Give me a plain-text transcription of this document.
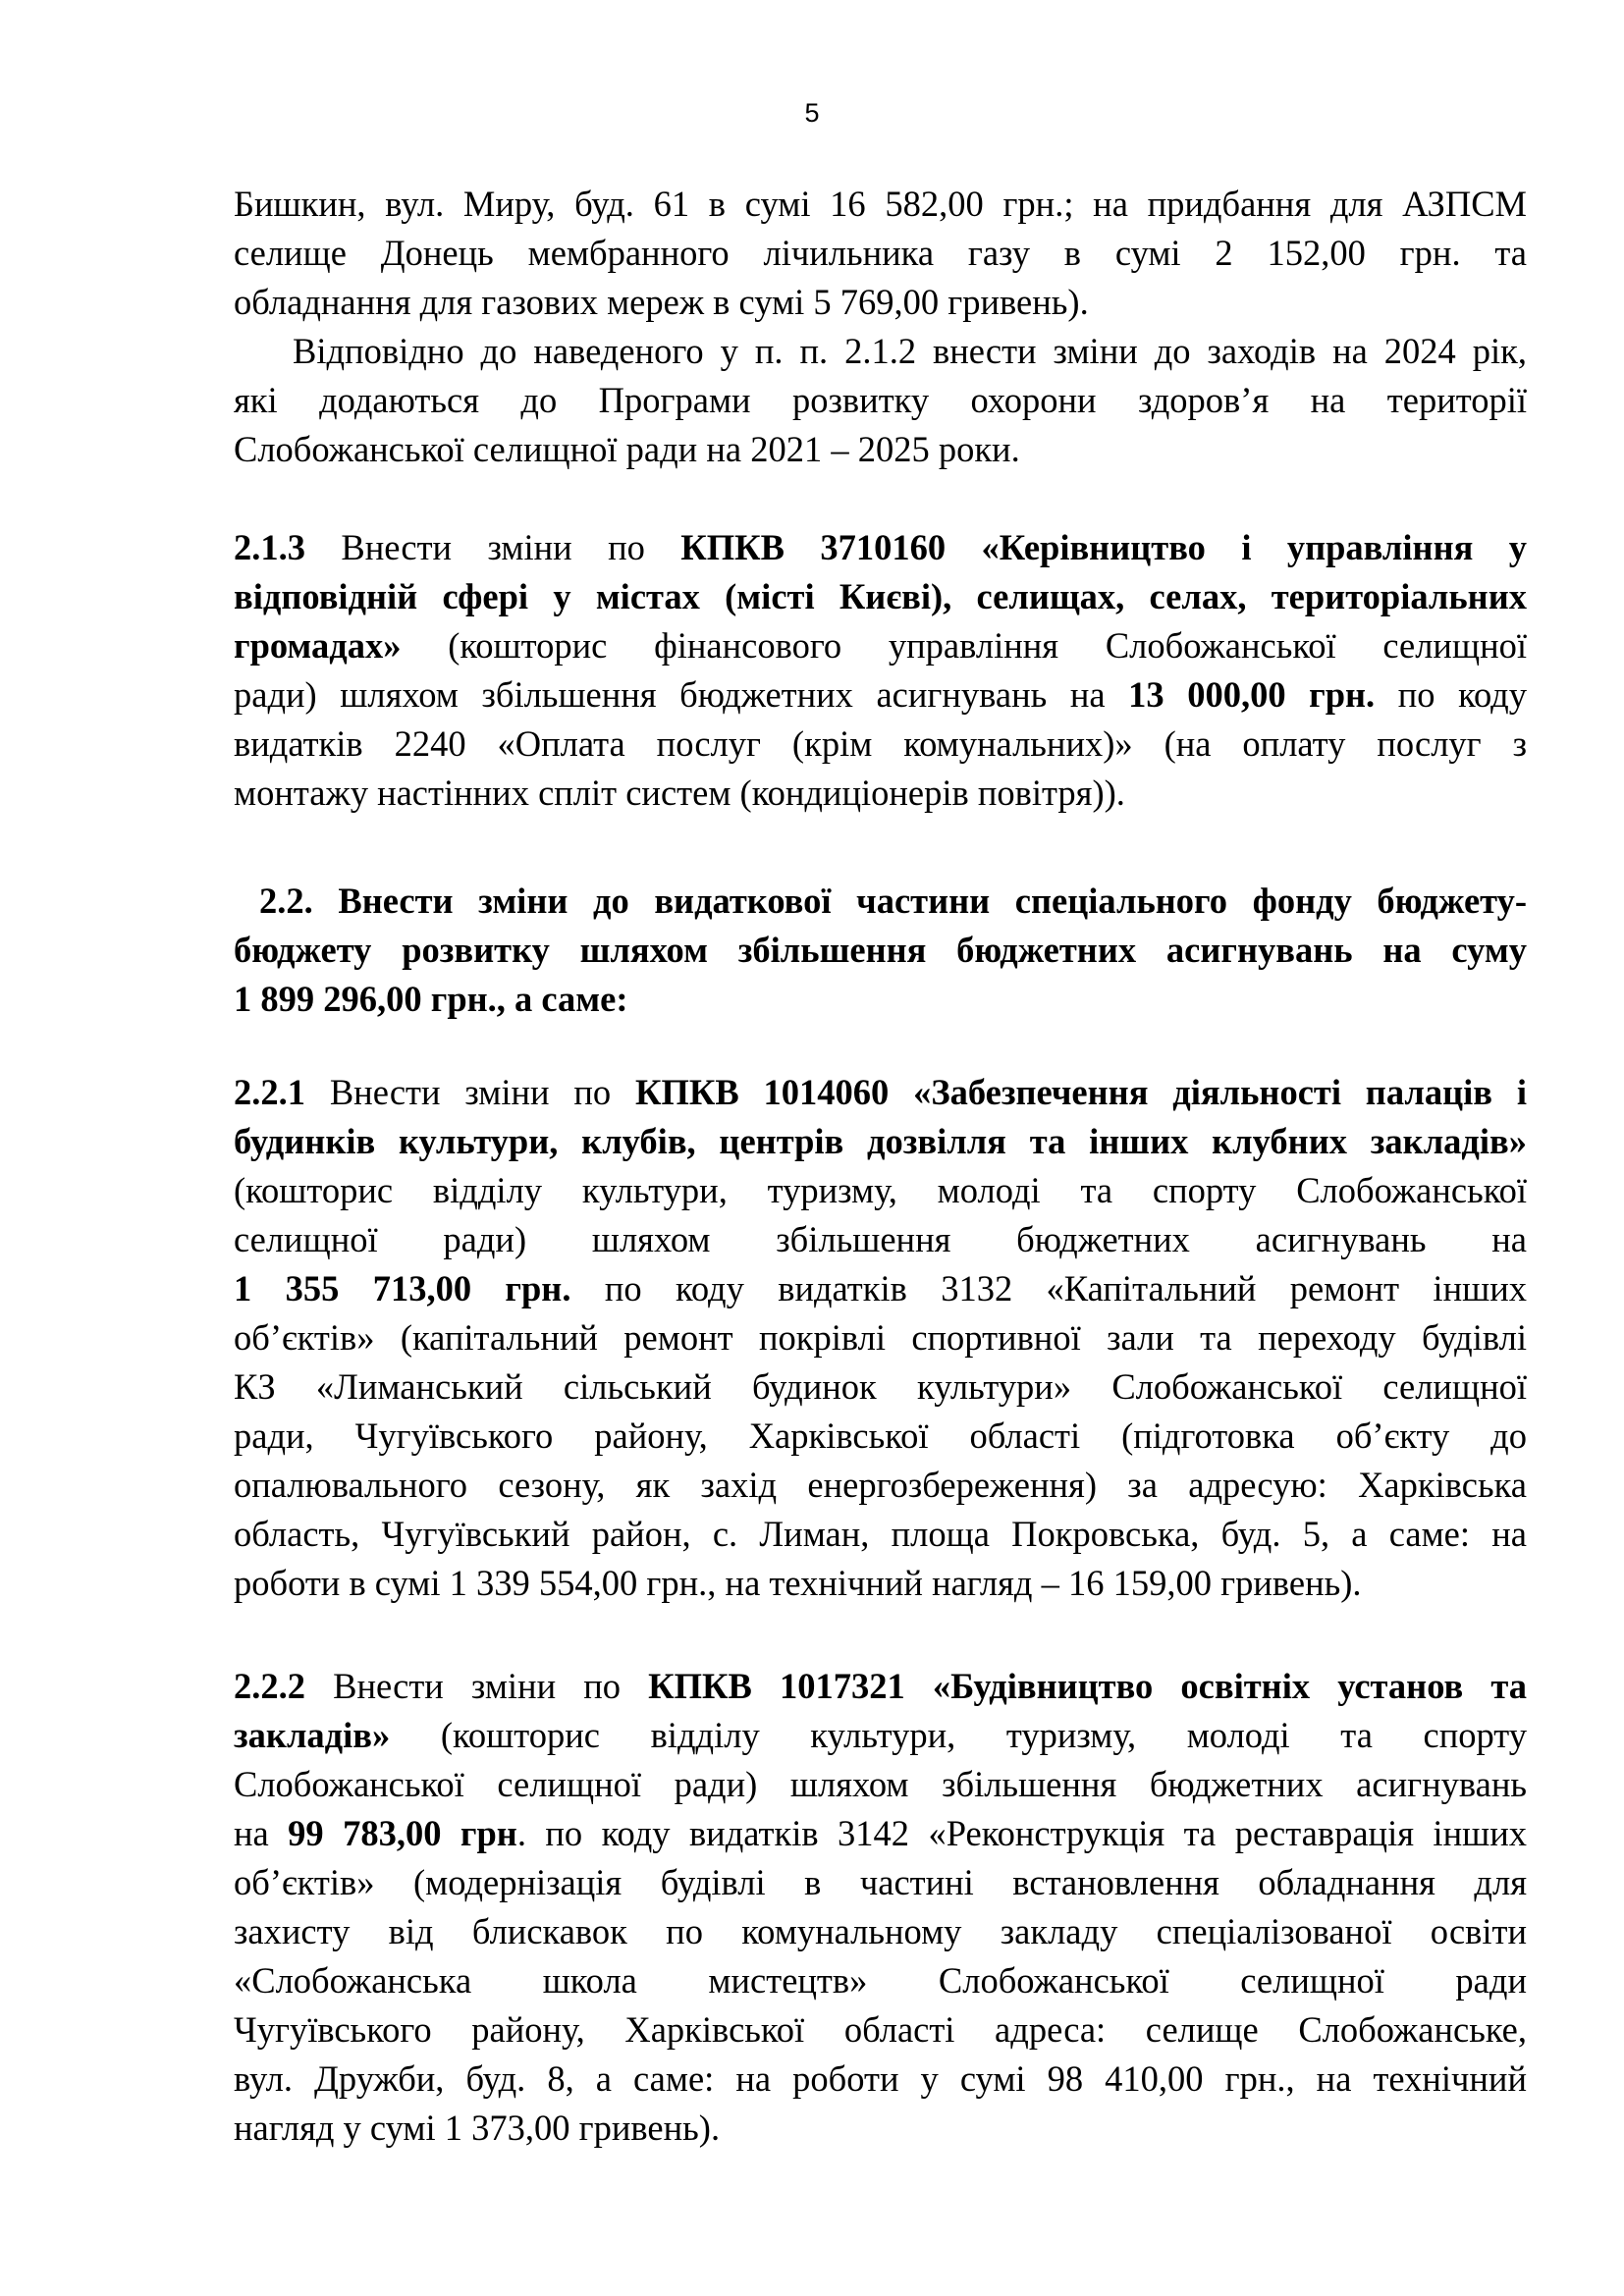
5
Бишкин, вул. Миру, буд. 61 в сумі 16 582,00 грн.; на придбання для АЗПСМ
селище Донець мембранного лічильника газу в сумі 2 152,00 грн. та
обладнання для газових мереж в сумі 5 769,00 гривень).
Відповідно до наведеного у п. п. 2.1.2 внести зміни до заходів на 2024 рік,
які додаються до Програми розвитку охорони здоров’я на території
Слобожанської селищної ради на 2021 – 2025 роки.
2.1.3 Внести зміни по КПКВ 3710160 «Керівництво і управління у
відповідній сфері у містах (місті Києві), селищах, селах, територіальних
громадах» (кошторис фінансового управління Слобожанської селищної
ради) шляхом збільшення бюджетних асигнувань на 13 000,00 грн. по коду
видатків 2240 «Оплата послуг (крім комунальних)» (на оплату послуг з
монтажу настінних спліт систем (кондиціонерів повітря)).
2.2. Внести зміни до видаткової частини спеціального фонду бюджету-
бюджету розвитку шляхом збільшення бюджетних асигнувань на суму
1 899 296,00 грн., а саме:
2.2.1 Внести зміни по КПКВ 1014060 «Забезпечення діяльності палаців і
будинків культури, клубів, центрів дозвілля та інших клубних закладів»
(кошторис відділу культури, туризму, молоді та спорту Слобожанської
селищної ради) шляхом збільшення бюджетних асигнувань на
1 355 713,00 грн. по коду видатків 3132 «Капітальний ремонт інших
об’єктів» (капітальний ремонт покрівлі спортивної зали та переходу будівлі
КЗ «Лиманський сільський будинок культури» Слобожанської селищної
ради, Чугуївського району, Харківської області (підготовка об’єкту до
опалювального сезону, як захід енергозбереження) за адресую: Харківська
область, Чугуївський район, с. Лиман, площа Покровська, буд. 5, а саме: на
роботи в сумі 1 339 554,00 грн., на технічний нагляд – 16 159,00 гривень).
2.2.2 Внести зміни по КПКВ 1017321 «Будівництво освітніх установ та
закладів» (кошторис відділу культури, туризму, молоді та спорту
Слобожанської селищної ради) шляхом збільшення бюджетних асигнувань
на 99 783,00 грн. по коду видатків 3142 «Реконструкція та реставрація інших
об’єктів» (модернізація будівлі в частині встановлення обладнання для
захисту від блискавок по комунальному закладу спеціалізованої освіти
«Слобожанська школа мистецтв» Слобожанської селищної ради
Чугуївського району, Харківської області адреса: селище Слобожанське,
вул. Дружби, буд. 8, а саме: на роботи у сумі 98 410,00 грн., на технічний
нагляд у сумі 1 373,00 гривень).
